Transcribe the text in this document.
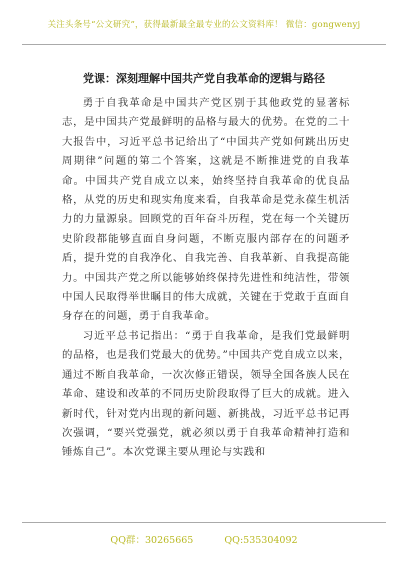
关注头条号“公文研究”，获得最新最全最专业的公文资料库！ 微信：gongwenyj
党课：深刻理解中国共产党自我革命的逻辑与路径

勇于自我革命是中国共产党区别于其他政党的显著标志，是中国共产党最鲜明的品格与最大的优势。在党的二十大报告中，习近平总书记给出了“中国共产党如何跳出历史周期律”问题的第二个答案，这就是不断推进党的自我革命。中国共产党自成立以来，始终坚持自我革命的优良品格，从党的历史和现实角度来看，自我革命是党永葆生机活力的力量源泉。回顾党的百年奋斗历程，党在每一个关键历史阶段都能够直面自身问题，不断克服内部存在的问题矛盾，提升党的自我净化、自我完善、自我革新、自我提高能力。中国共产党之所以能够始终保持先进性和纯洁性，带领中国人民取得举世瞩目的伟大成就，关键在于党敢于直面自身存在的问题，勇于自我革命。

习近平总书记指出：“勇于自我革命，是我们党最鲜明的品格，也是我们党最大的优势。”中国共产党自成立以来，通过不断自我革命，一次次修正错误，领导全国各族人民在革命、建设和改革的不同历史阶段取得了巨大的成就。进入新时代，针对党内出现的新问题、新挑战，习近平总书记再次强调，“要兴党强党，就必须以勇于自我革命精神打造和锤炼自己”。本次党课主要从理论与实践和

QQ群：30265665	QQ:535304092
